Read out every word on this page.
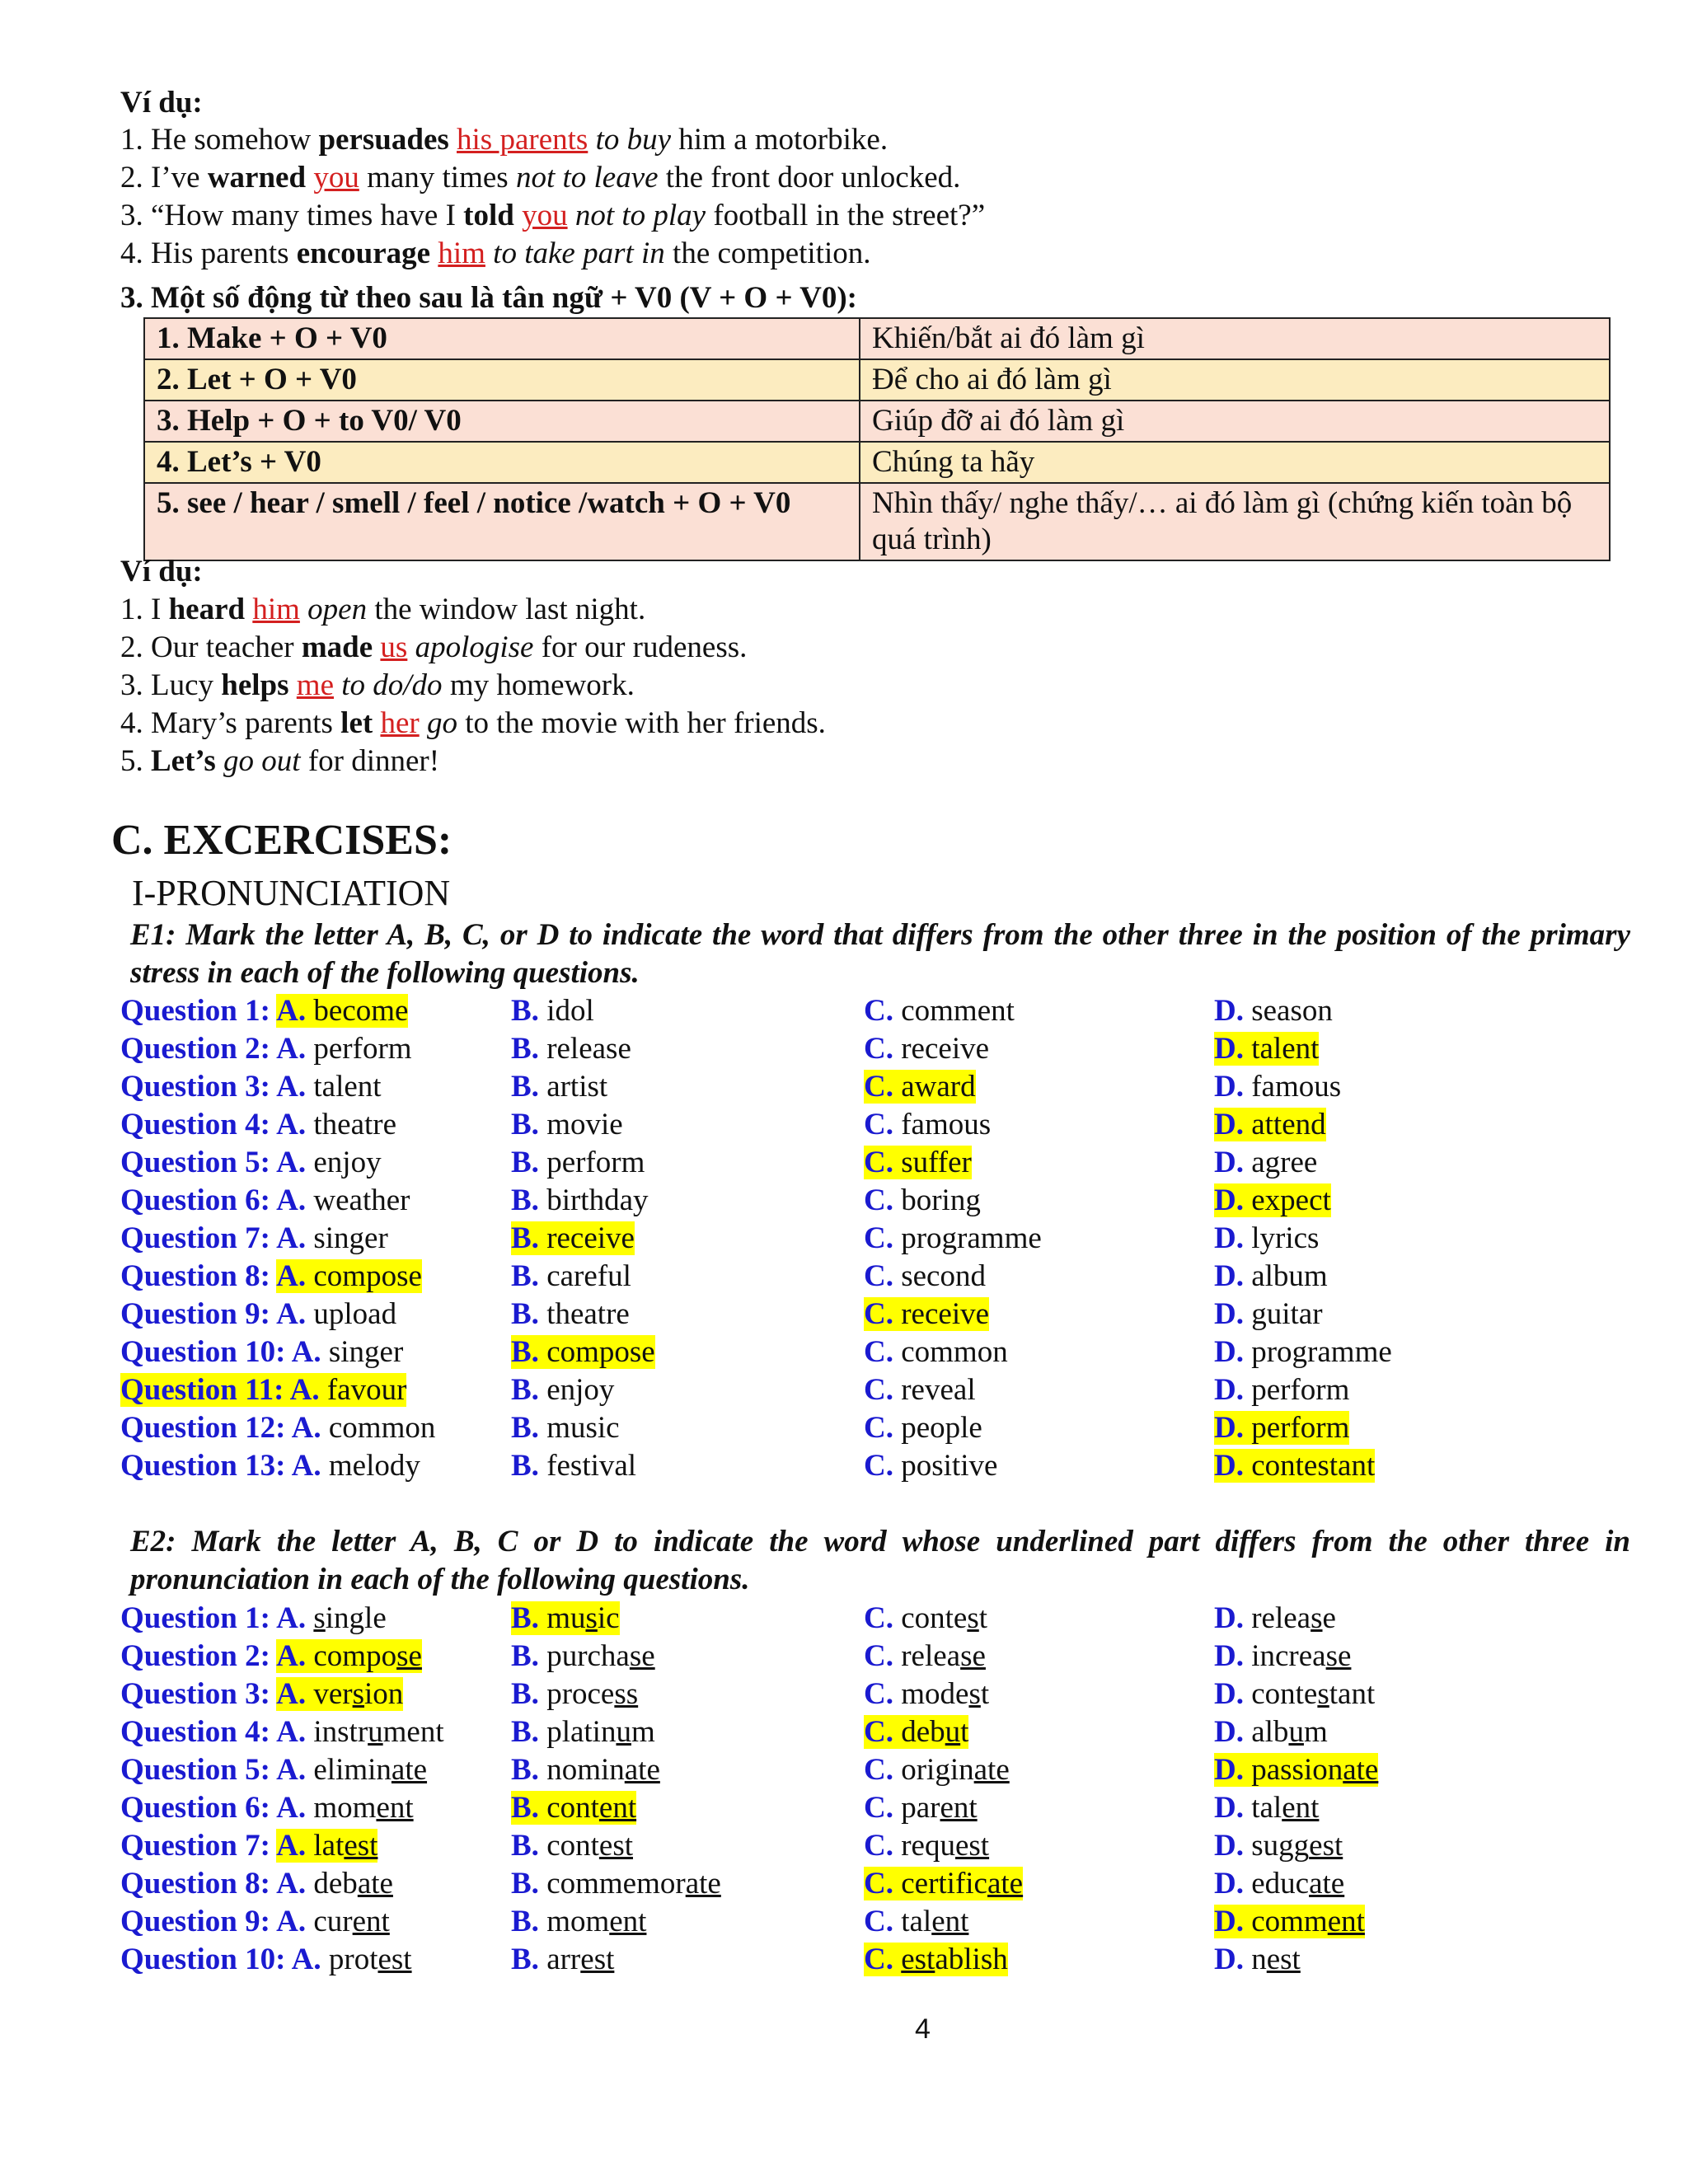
Ví dụ:
1. He somehow persuades his parents to buy him a motorbike.
2. I’ve warned you many times not to leave the front door unlocked.
3. “How many times have I told you not to play football in the street?”
4. His parents encourage him to take part in the competition.
3. Một số động từ theo sau là tân ngữ + V0 (V + O + V0):
1. Make + O + V0	Khiến/bắt ai đó làm gì
2. Let + O + V0	Để cho ai đó làm gì
3. Help + O + to V0/ V0	Giúp đỡ ai đó làm gì
4. Let’s + V0	Chúng ta hãy
5. see / hear / smell / feel / notice /watch + O + V0	Nhìn thấy/ nghe thấy/… ai đó làm gì (chứng kiến toàn bộ quá trình)
Ví dụ:
1. I heard him open the window last night.
2. Our teacher made us apologise for our rudeness.
3. Lucy helps me to do/do my homework.
4. Mary’s parents let her go to the movie with her friends.
5. Let’s go out for dinner!
C. EXCERCISES:
I-PRONUNCIATION
E1: Mark the letter A, B, C, or D to indicate the word that differs from the other three in the position of the primary stress in each of the following questions.
Question 1: A. become	B. idol	C. comment	D. season
Question 2: A. perform	B. release	C. receive	D. talent
Question 3: A. talent	B. artist	C. award	D. famous
Question 4: A. theatre	B. movie	C. famous	D. attend
Question 5: A. enjoy	B. perform	C. suffer	D. agree
Question 6: A. weather	B. birthday	C. boring	D. expect
Question 7: A. singer	B. receive	C. programme	D. lyrics
Question 8: A. compose	B. careful	C. second	D. album
Question 9: A. upload	B. theatre	C. receive	D. guitar
Question 10: A. singer	B. compose	C. common	D. programme
Question 11: A. favour	B. enjoy	C. reveal	D. perform
Question 12: A. common B. music	C. people	D. perform
Question 13: A. melody	B. festival	C. positive	D. contestant
E2: Mark the letter A, B, C or D to indicate the word whose underlined part differs from the other three in pronunciation in each of the following questions.
Question 1: A. single	B. music	C. contest	D. release
Question 2: A. compose	B. purchase	C. release	D. increase
Question 3: A. version	B. process	C. modest	D. contestant
Question 4: A. instrument B. platinum	C. debut	D. album
Question 5: A. eliminate	B. nominate	C. originate	D. passionate
Question 6: A. moment	B. content	C. parent	D. talent
Question 7: A. latest	B. contest	C. request	D. suggest
Question 8: A. debate	B. commemorate	C. certificate	D. educate
Question 9: A. curent	B. moment	C. talent	D. comment
Question 10: A. protest	B. arrest	C. establish	D. nest
4
